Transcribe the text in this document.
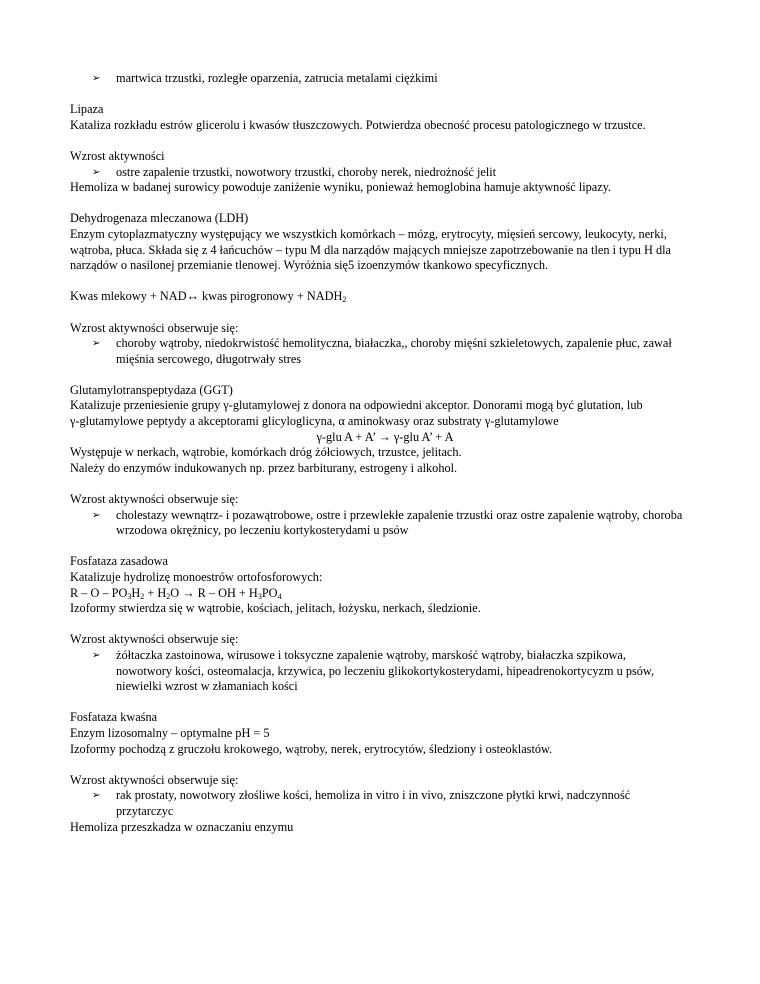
➢ martwica trzustki, rozległe oparzenia, zatrucia metalami ciężkimi
Lipaza
Kataliza rozkładu estrów glicerolu i kwasów tłuszczowych. Potwierdza obecność procesu patologicznego w trzustce.
Wzrost aktywności
➢ ostre zapalenie trzustki, nowotwory trzustki, choroby nerek, niedrożność jelit
Hemoliza w badanej surowicy powoduje zaniżenie wyniku, ponieważ hemoglobina hamuje aktywność lipazy.
Dehydrogenaza mleczanowa (LDH)
Enzym cytoplazmatyczny występujący we wszystkich komórkach – mózg, erytrocyty, mięsień sercowy, leukocyty, nerki,
wątroba, płuca. Składa się z 4 łańcuchów – typu M dla narządów mających mniejsze zapotrzebowanie na tlen i typu H dla
narządów o nasilonej przemianie tlenowej. Wyróżnia się5 izoenzymów tkankowo specyficznych.
Kwas mlekowy + NAD↔ kwas pirogronowy + $NADH_2$
Wzrost aktywności obserwuje się:
➢ choroby wątroby, niedokrwistość hemolityczna, białaczka,, choroby mięśni szkieletowych, zapalenie płuc, zawał
mięśnia sercowego, długotrwały stres
Glutamylotranspeptydaza (GGT)
Katalizuje przeniesienie grupy γ-glutamylowej z donora na odpowiedni akceptor. Donorami mogą być glutation, lub
γ-glutamylowe peptydy a akceptorami glicyloglicyna, α aminokwasy oraz substraty γ-glutamylowe
γ-glu A + A’ → γ-glu A’ + A
Występuje w nerkach, wątrobie, komórkach dróg żółciowych, trzustce, jelitach.
Należy do enzymów indukowanych np. przez barbiturany, estrogeny i alkohol.
Wzrost aktywności obserwuje się:
➢ cholestazy wewnątrz- i pozawątrobowe, ostre i przewlekłe zapalenie trzustki oraz ostre zapalenie wątroby, choroba
wrzodowa okrężnicy, po leczeniu kortykosterydami u psów
Fosfataza zasadowa
Katalizuje hydrolizę monoestrów ortofosforowych:
$R - O - PO_3H_2 + H_2O \to R$ – OH + $H_3PO_4$
Izoformy stwierdza się w wątrobie, kościach, jelitach, łożysku, nerkach, śledzionie.
Wzrost aktywności obserwuje się:
➢ żółtaczka zastoinowa, wirusowe i toksyczne zapalenie wątroby, marskość wątroby, białaczka szpikowa,
nowotwory kości, osteomalacja, krzywica, po leczeniu glikokortykosterydami, hipeadrenokortycyzm u psów,
niewielki wzrost w złamaniach kości
Fosfataza kwaśna
Enzym lizosomalny – optymalne pH = 5
Izoformy pochodzą z gruczołu krokowego, wątroby, nerek, erytrocytów, śledziony i osteoklastów.
Wzrost aktywności obserwuje się:
➢ rak prostaty, nowotwory złośliwe kości, hemoliza in vitro i in vivo, zniszczone płytki krwi, nadczynność
przytarczyc
Hemoliza przeszkadza w oznaczaniu enzymu
